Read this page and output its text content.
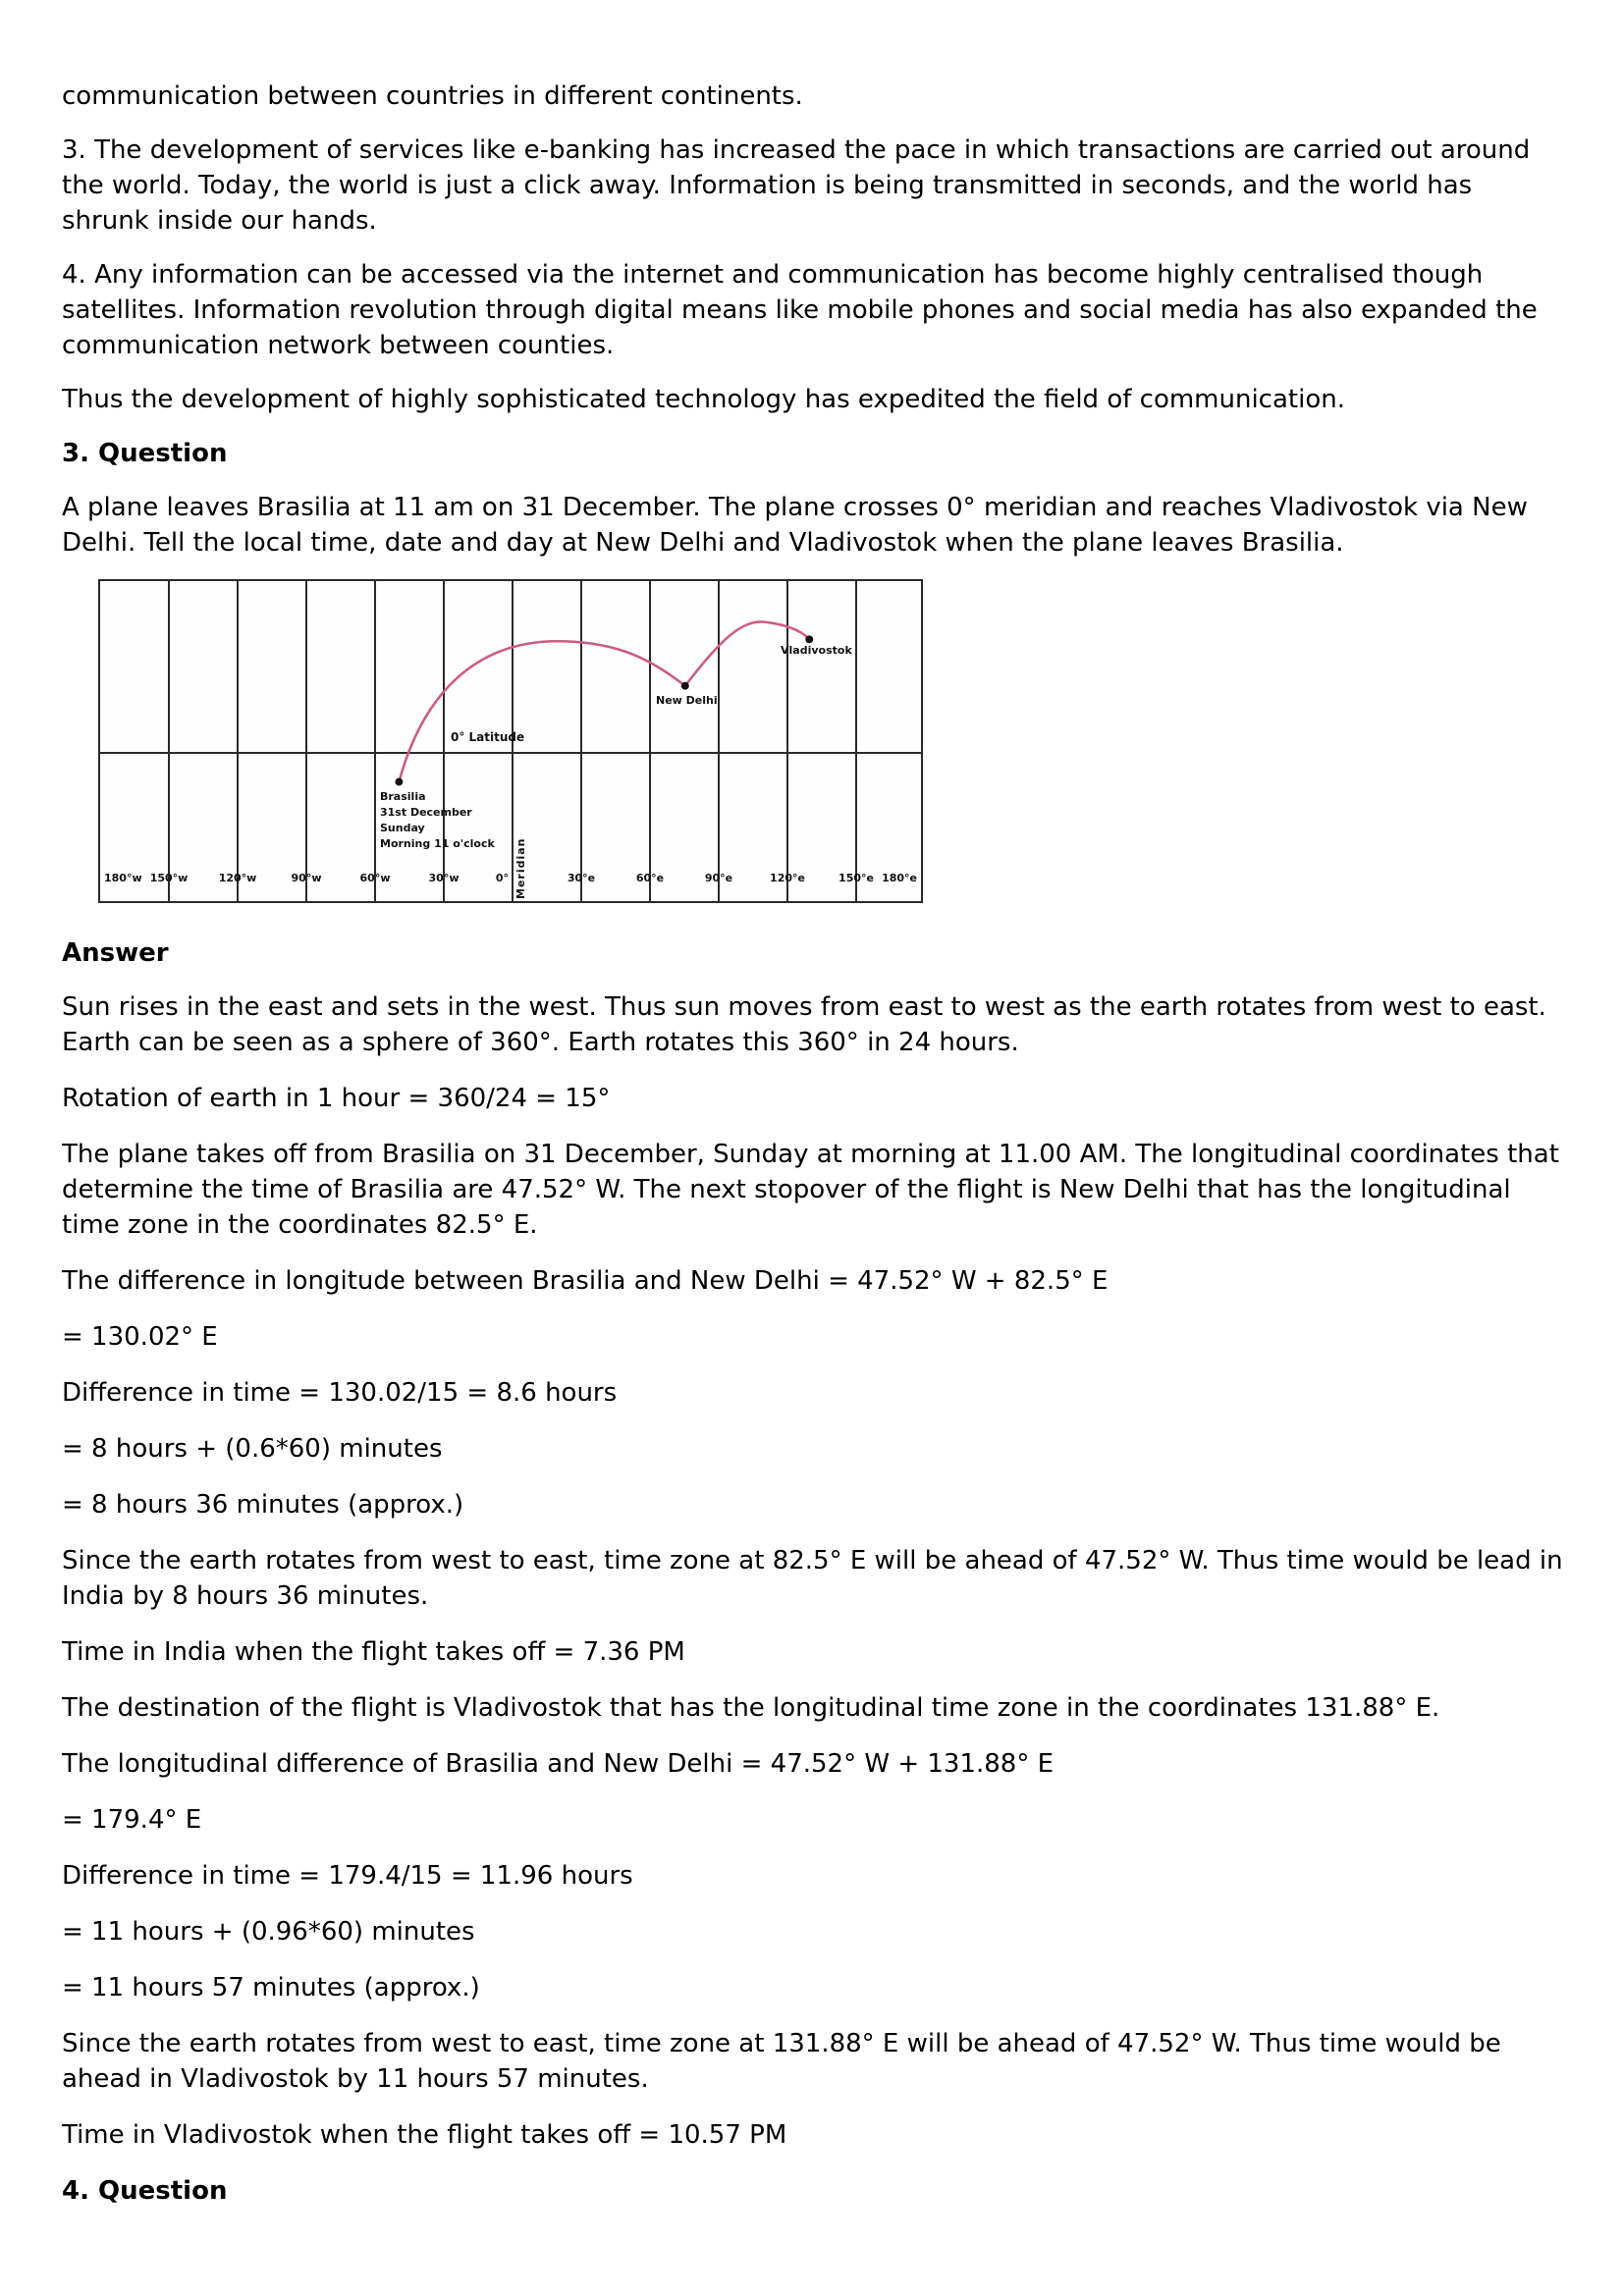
communication between countries in different continents.

3. The development of services like e-banking has increased the pace in which transactions are carried out around the world. Today, the world is just a click away. Information is being transmitted in seconds, and the world has shrunk inside our hands.

4. Any information can be accessed via the internet and communication has become highly centralised though satellites. Information revolution through digital means like mobile phones and social media has also expanded the communication network between counties.

Thus the development of highly sophisticated technology has expedited the field of communication.

3. Question

A plane leaves Brasilia at 11 am on 31 December. The plane crosses 0° meridian and reaches Vladivostok via New Delhi. Tell the local time, date and day at New Delhi and Vladivostok when the plane leaves Brasilia.

0° Latitude
Meridian
180°w 150°w	120°w	90°w	60°w	30°w	0°	30°e	60°e	90°e	120°e	150°e 180°e
Brasilia
31st December
Sunday
Morning 11 o'clock
New Delhi
Vladivostok
Answer

Sun rises in the east and sets in the west. Thus sun moves from east to west as the earth rotates from west to east. Earth can be seen as a sphere of 360°. Earth rotates this 360° in 24 hours.

Rotation of earth in 1 hour = 360/24 = 15°

The plane takes off from Brasilia on 31 December, Sunday at morning at 11.00 AM. The longitudinal coordinates that determine the time of Brasilia are 47.52° W. The next stopover of the flight is New Delhi that has the longitudinal time zone in the coordinates 82.5° E.

The difference in longitude between Brasilia and New Delhi = 47.52° W + 82.5° E

= 130.02° E

Difference in time = 130.02/15 = 8.6 hours

= 8 hours + (0.6*60) minutes

= 8 hours 36 minutes (approx.)

Since the earth rotates from west to east, time zone at 82.5° E will be ahead of 47.52° W. Thus time would be lead in India by 8 hours 36 minutes.

Time in India when the flight takes off = 7.36 PM

The destination of the flight is Vladivostok that has the longitudinal time zone in the coordinates 131.88° E.

The longitudinal difference of Brasilia and New Delhi = 47.52° W + 131.88° E

= 179.4° E

Difference in time = 179.4/15 = 11.96 hours

= 11 hours + (0.96*60) minutes

= 11 hours 57 minutes (approx.)

Since the earth rotates from west to east, time zone at 131.88° E will be ahead of 47.52° W. Thus time would be ahead in Vladivostok by 11 hours 57 minutes.

Time in Vladivostok when the flight takes off = 10.57 PM

4. Question
